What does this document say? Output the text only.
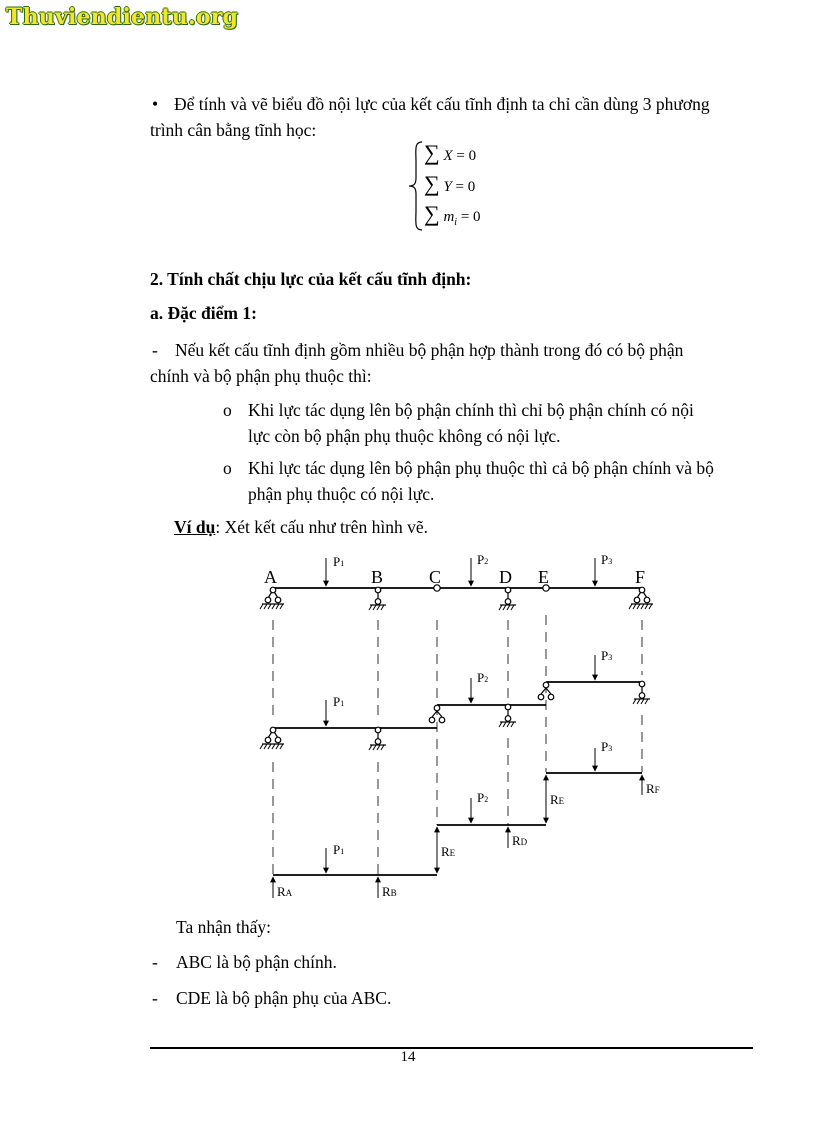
Thuviendientu.org
• Để tính và vẽ biểu đồ nội lực của kết cấu tĩnh định ta chỉ cần dùng 3 phương
trình cân bằng tĩnh học:
∑ X = 0
∑ Y = 0
∑ $m_i = 0$
2. Tính chất chịu lực của kết cấu tĩnh định:
a. Đặc điểm 1:
- Nếu kết cấu tĩnh định gồm nhiều bộ phận hợp thành trong đó có bộ phận
chính và bộ phận phụ thuộc thì:
o Khi lực tác dụng lên bộ phận chính thì chỉ bộ phận chính có nội
lực còn bộ phận phụ thuộc không có nội lực.
o Khi lực tác dụng lên bộ phận phụ thuộc thì cả bộ phận chính và bộ
phận phụ thuộc có nội lực.
Ví dụ: Xét kết cấu như trên hình vẽ.
A	B	C	D E	F
P1	P2	P3
P1
P2
P3
P1
P2
P3
RA	RB
RE
RD
RE
RF
Ta nhận thấy:
- ABC là bộ phận chính.
- CDE là bộ phận phụ của ABC.
14
